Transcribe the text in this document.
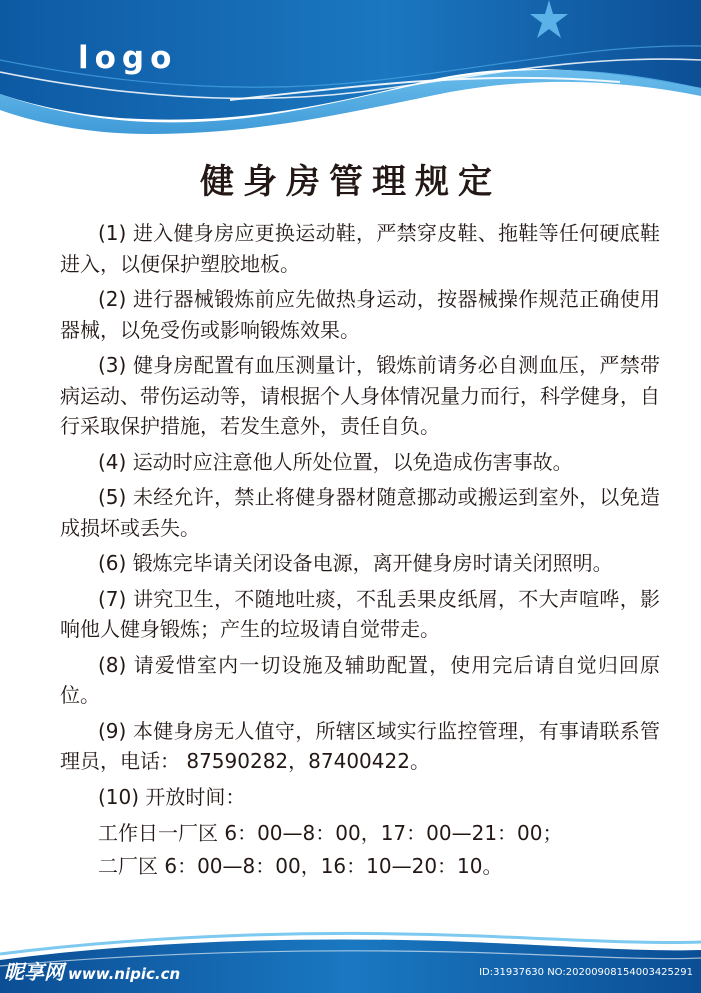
logo
健身房管理规定

(1) 进入健身房应更换运动鞋，严禁穿皮鞋、拖鞋等任何硬底鞋进入，以便保护塑胶地板。

(2) 进行器械锻炼前应先做热身运动，按器械操作规范正确使用器械，以免受伤或影响锻炼效果。

(3) 健身房配置有血压测量计，锻炼前请务必自测血压，严禁带病运动、带伤运动等，请根据个人身体情况量力而行，科学健身，自行采取保护措施，若发生意外，责任自负。

(4) 运动时应注意他人所处位置，以免造成伤害事故。

(5) 未经允许，禁止将健身器材随意挪动或搬运到室外，以免造成损坏或丢失。

(6) 锻炼完毕请关闭设备电源，离开健身房时请关闭照明。

(7) 讲究卫生，不随地吐痰，不乱丢果皮纸屑，不大声喧哗，影响他人健身锻炼；产生的垃圾请自觉带走。

(8) 请爱惜室内一切设施及辅助配置，使用完后请自觉归回原位。

(9) 本健身房无人值守，所辖区域实行监控管理，有事请联系管理员，电话： 87590282，87400422。

(10) 开放时间：

工作日一厂区 6：00—8：00，17：00—21：00；
二厂区 6：00—8：00，16：10—20：10。
昵享网 www.nipic.cn	ID:31937630 NO:20200908154003425291
